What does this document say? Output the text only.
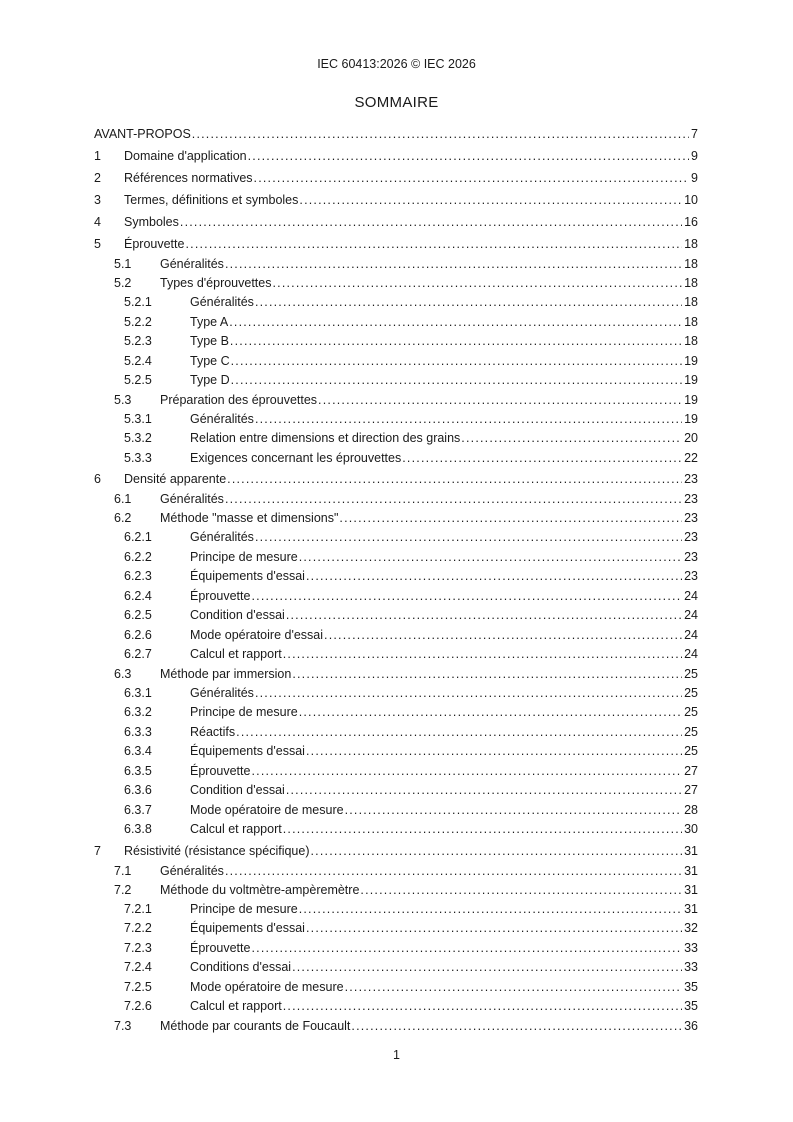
IEC 60413:2026 © IEC 2026
SOMMAIRE
AVANT-PROPOS .....	7
1	Domaine d'application .....	9
2	Références normatives .....	9
3	Termes, définitions et symboles .....	10
4	Symboles .....	16
5	Éprouvette .....	18
5.1	Généralités .....	18
5.2	Types d'éprouvettes .....	18
5.2.1	Généralités .....	18
5.2.2	Type A .....	18
5.2.3	Type B .....	18
5.2.4	Type C .....	19
5.2.5	Type D .....	19
5.3	Préparation des éprouvettes .....	19
5.3.1	Généralités .....	19
5.3.2	Relation entre dimensions et direction des grains .....	20
5.3.3	Exigences concernant les éprouvettes .....	22
6	Densité apparente .....	23
6.1	Généralités .....	23
6.2	Méthode "masse et dimensions" .....	23
6.2.1	Généralités .....	23
6.2.2	Principe de mesure .....	23
6.2.3	Équipements d'essai .....	23
6.2.4	Éprouvette .....	24
6.2.5	Condition d'essai .....	24
6.2.6	Mode opératoire d'essai .....	24
6.2.7	Calcul et rapport .....	24
6.3	Méthode par immersion .....	25
6.3.1	Généralités .....	25
6.3.2	Principe de mesure .....	25
6.3.3	Réactifs .....	25
6.3.4	Équipements d'essai .....	25
6.3.5	Éprouvette .....	27
6.3.6	Condition d'essai .....	27
6.3.7	Mode opératoire de mesure .....	28
6.3.8	Calcul et rapport .....	30
7	Résistivité (résistance spécifique) .....	31
7.1	Généralités .....	31
7.2	Méthode du voltmètre-ampèremètre .....	31
7.2.1	Principe de mesure .....	31
7.2.2	Équipements d'essai .....	32
7.2.3	Éprouvette .....	33
7.2.4	Conditions d'essai .....	33
7.2.5	Mode opératoire de mesure .....	35
7.2.6	Calcul et rapport .....	35
7.3	Méthode par courants de Foucault .....	36
1
